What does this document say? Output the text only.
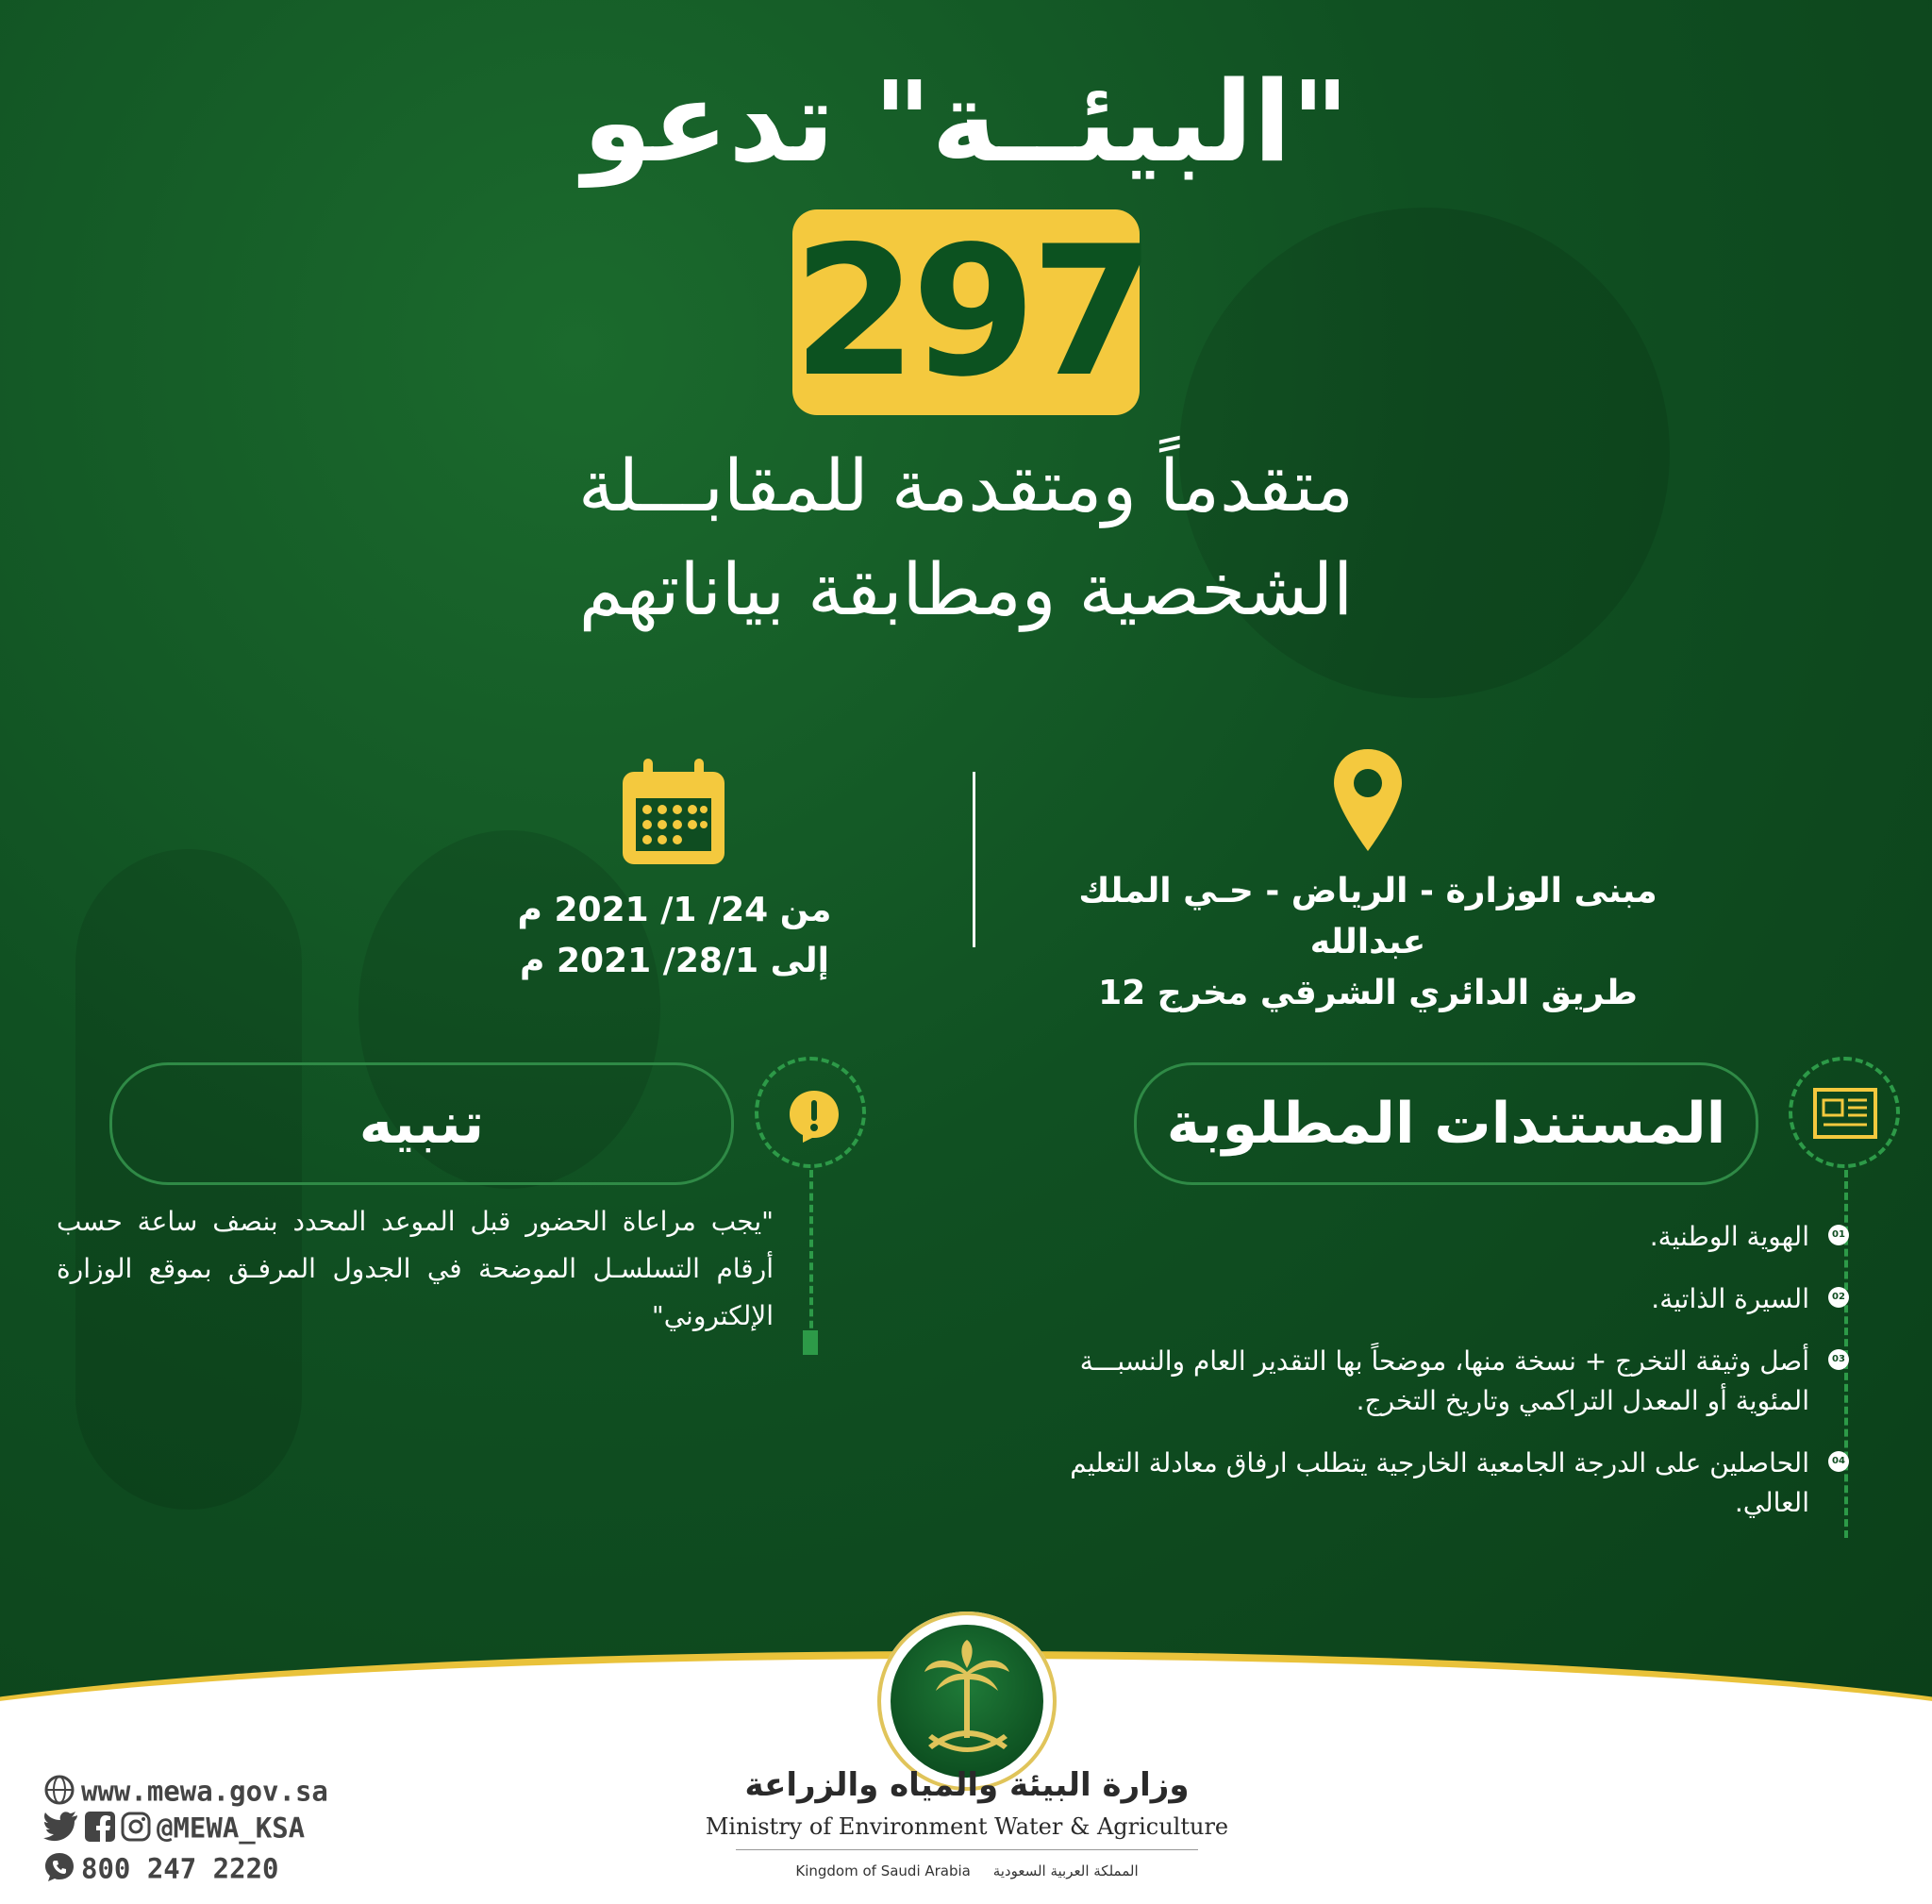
"البيئــة" تدعو
297
متقدماً ومتقدمة للمقابـــلة
الشخصية ومطابقة بياناتهم
مبنى الوزارة - الرياض - حـي الملك عبدالله
طريق الدائري الشرقي مخرج 12
من 24/ 1/ 2021 م
إلى 28/1/ 2021 م
المستندات المطلوبة
01
الهوية الوطنية.
02
السيرة الذاتية.
03
أصل وثيقة التخرج + نسخة منها، موضحاً بها التقدير العام والنسبـــة المئوية أو المعدل التراكمي وتاريخ التخرج.
04
الحاصلين على الدرجة الجامعية الخارجية يتطلب ارفاق معادلة التعليم العالي.
تنبيه
"يجب مراعاة الحضور قبل الموعد المحدد بنصف ساعة حسب أرقام التسلسـل الموضحة في الجدول المرفـق بموقع الوزارة الإلكتروني"
وزارة البيئة والمياه والزراعة
Ministry of Environment Water & Agriculture
Kingdom of Saudi Arabia المملكة العربية السعودية
www.mewa.gov.sa
@MEWA_KSA
800 247 2220
